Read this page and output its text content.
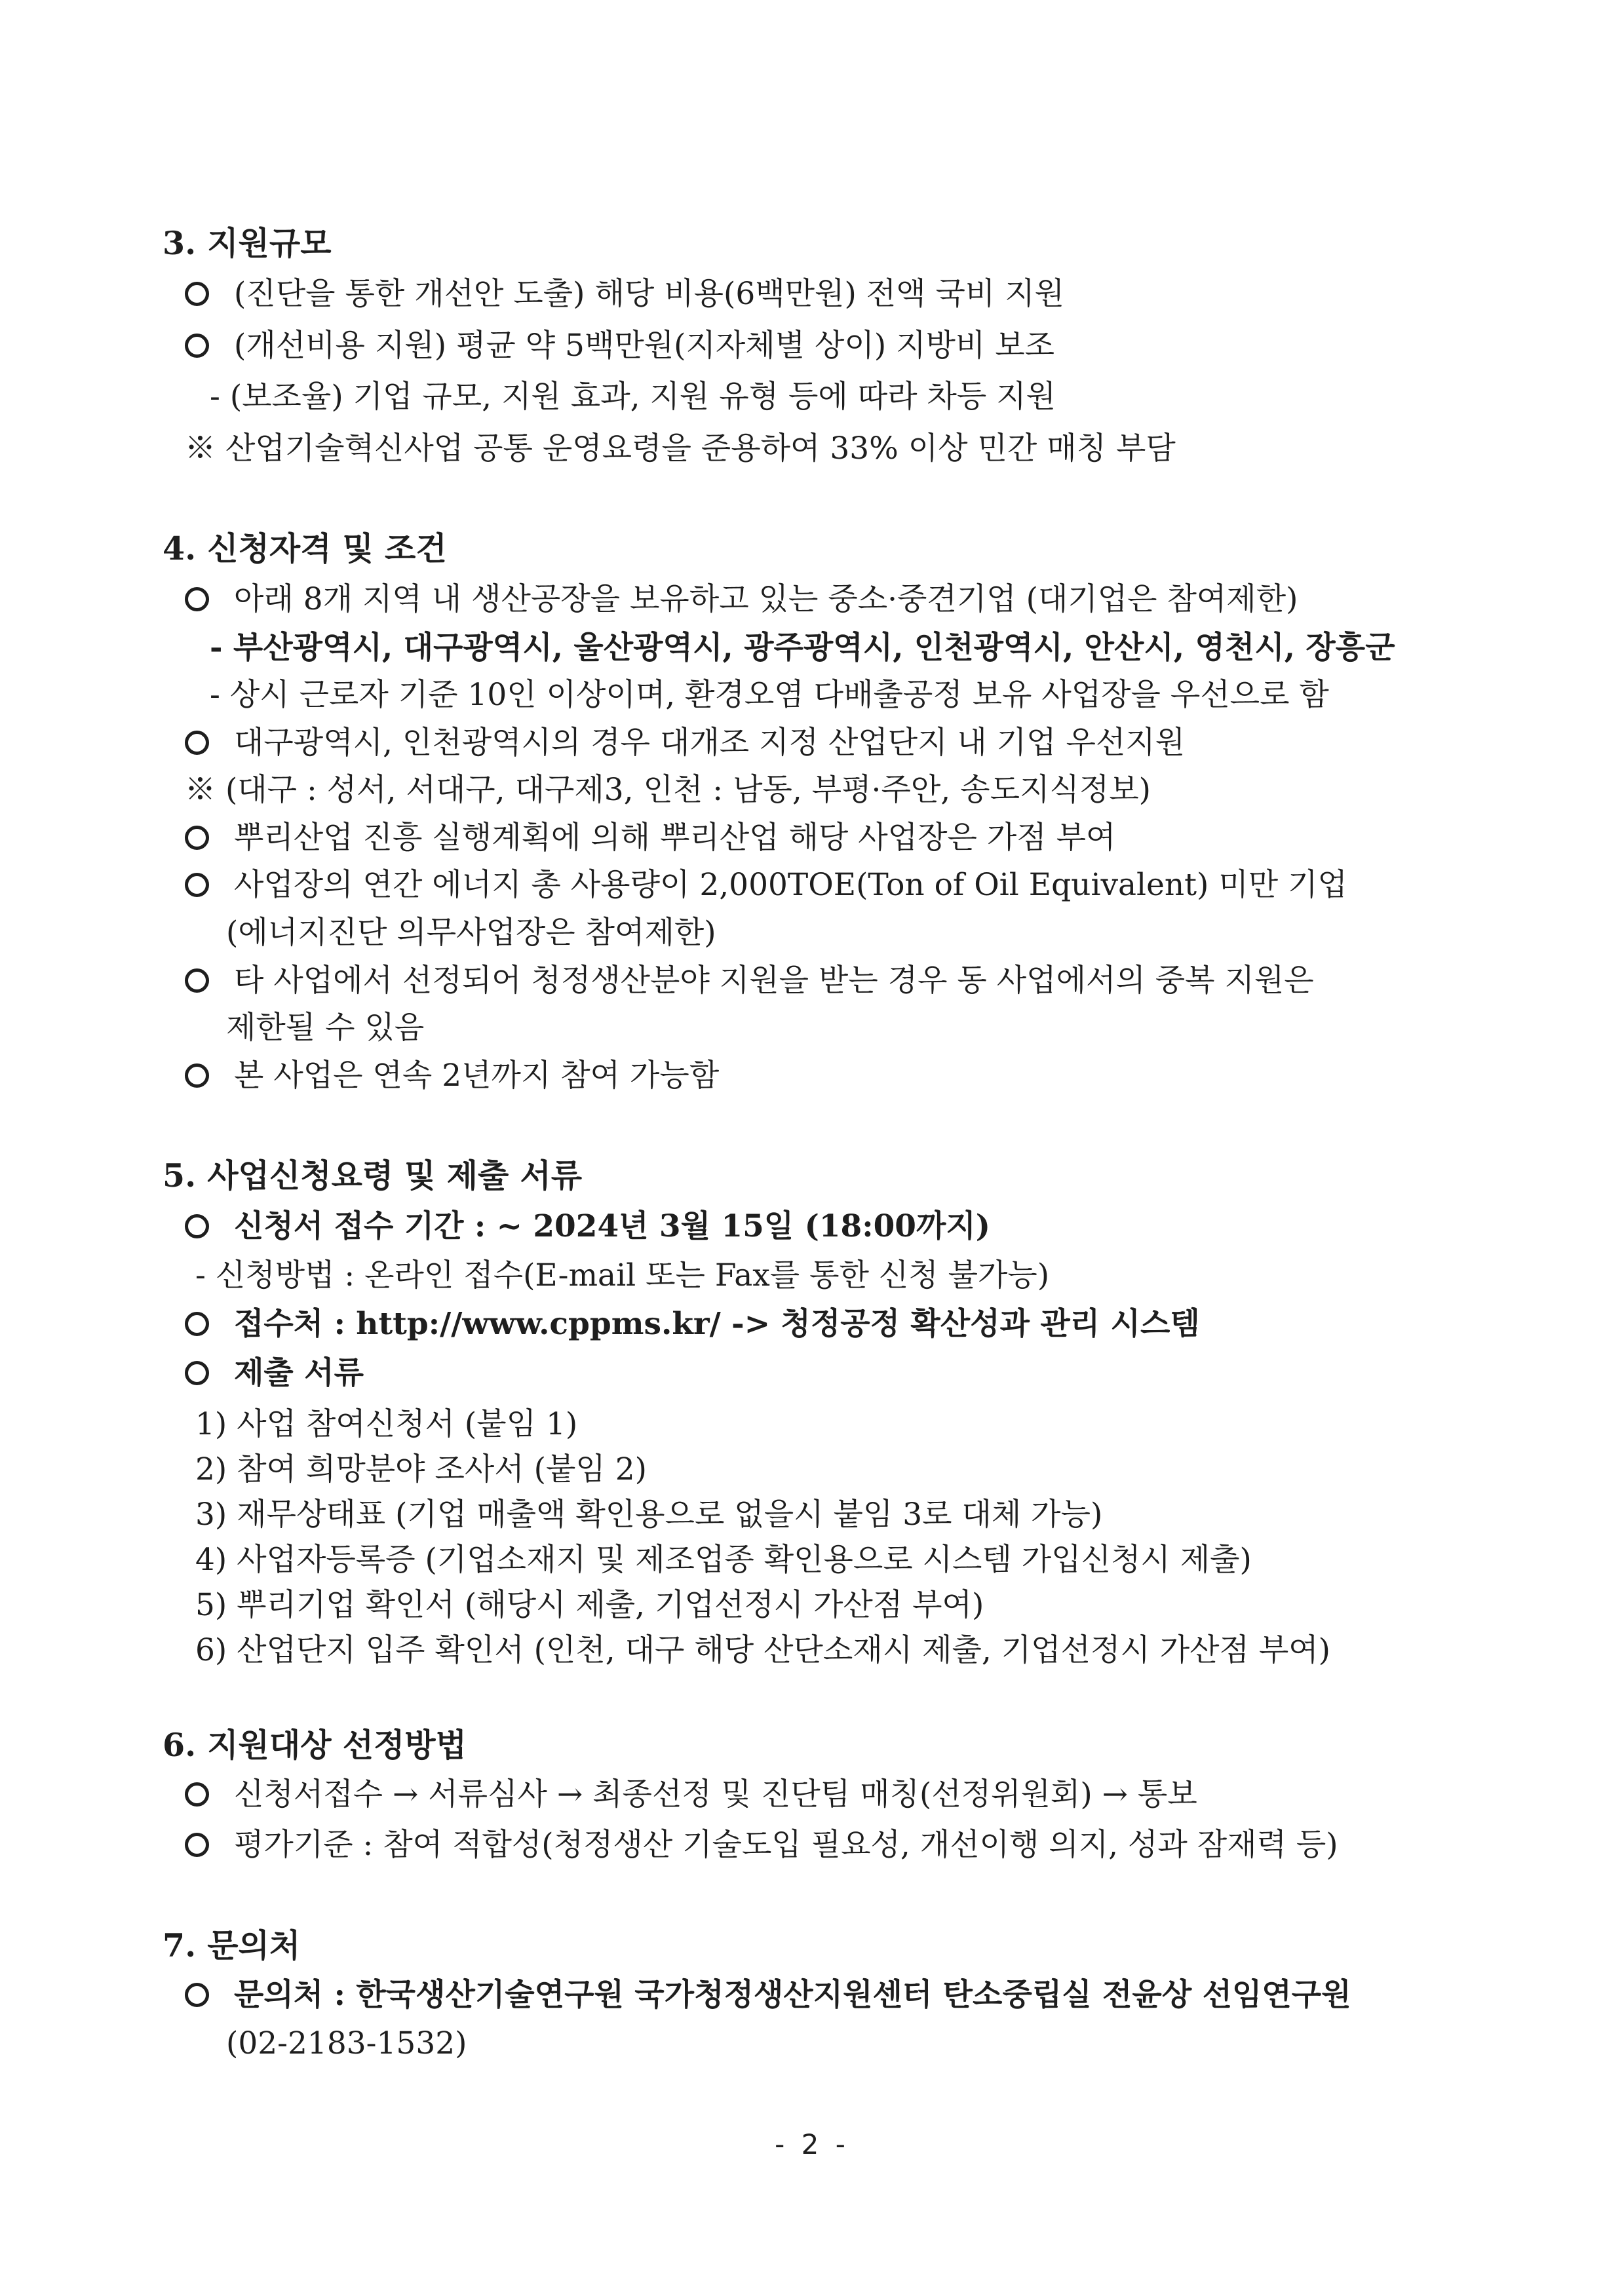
3. 지원규모
(진단을 통한 개선안 도출) 해당 비용(6백만원) 전액 국비 지원
(개선비용 지원) 평균 약 5백만원(지자체별 상이) 지방비 보조
- (보조율) 기업 규모, 지원 효과, 지원 유형 등에 따라 차등 지원
※ 산업기술혁신사업 공통 운영요령을 준용하여 33% 이상 민간 매칭 부담
4. 신청자격 및 조건
아래 8개 지역 내 생산공장을 보유하고 있는 중소·중견기업 (대기업은 참여제한)
- 부산광역시, 대구광역시, 울산광역시, 광주광역시, 인천광역시, 안산시, 영천시, 장흥군
- 상시 근로자 기준 10인 이상이며, 환경오염 다배출공정 보유 사업장을 우선으로 함
대구광역시, 인천광역시의 경우 대개조 지정 산업단지 내 기업 우선지원
※ (대구 : 성서, 서대구, 대구제3, 인천 : 남동, 부평·주안, 송도지식정보)
뿌리산업 진흥 실행계획에 의해 뿌리산업 해당 사업장은 가점 부여
사업장의 연간 에너지 총 사용량이 2,000TOE(Ton of Oil Equivalent) 미만 기업
(에너지진단 의무사업장은 참여제한)
타 사업에서 선정되어 청정생산분야 지원을 받는 경우 동 사업에서의 중복 지원은
제한될 수 있음
본 사업은 연속 2년까지 참여 가능함
5. 사업신청요령 및 제출 서류
신청서 접수 기간 : ~ 2024년 3월 15일 (18:00까지)
- 신청방법 : 온라인 접수(E-mail 또는 Fax를 통한 신청 불가능)
접수처 : http://www.cppms.kr/ -> 청정공정 확산성과 관리 시스템
제출 서류
1) 사업 참여신청서 (붙임 1)
2) 참여 희망분야 조사서 (붙임 2)
3) 재무상태표 (기업 매출액 확인용으로 없을시 붙임 3로 대체 가능)
4) 사업자등록증 (기업소재지 및 제조업종 확인용으로 시스템 가입신청시 제출)
5) 뿌리기업 확인서 (해당시 제출, 기업선정시 가산점 부여)
6) 산업단지 입주 확인서 (인천, 대구 해당 산단소재시 제출, 기업선정시 가산점 부여)
6. 지원대상 선정방법
신청서접수 → 서류심사 → 최종선정 및 진단팀 매칭(선정위원회) → 통보
평가기준 : 참여 적합성(청정생산 기술도입 필요성, 개선이행 의지, 성과 잠재력 등)
7. 문의처
문의처 : 한국생산기술연구원 국가청정생산지원센터 탄소중립실 전윤상 선임연구원
(02-2183-1532)
- 2 -
